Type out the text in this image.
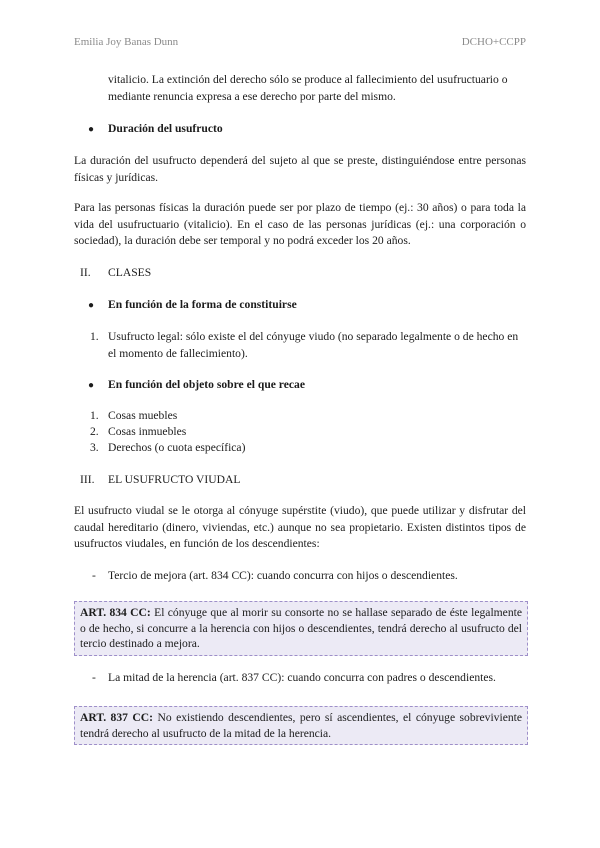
Emilia Joy Banas Dunn	DCHO+CCPP

vitalicio. La extinción del derecho sólo se produce al fallecimiento del usufructuario o mediante renuncia expresa a ese derecho por parte del mismo.

● Duración del usufructo

La duración del usufructo dependerá del sujeto al que se preste, distinguiéndose entre personas físicas y jurídicas.

Para las personas físicas la duración puede ser por plazo de tiempo (ej.: 30 años) o para toda la vida del usufructuario (vitalicio). En el caso de las personas jurídicas (ej.: una corporación o sociedad), la duración debe ser temporal y no podrá exceder los 20 años.

II. CLASES
● En función de la forma de constituirse
1. Usufructo legal: sólo existe el del cónyuge viudo (no separado legalmente o de hecho en el momento de fallecimiento).
● En función del objeto sobre el que recae
1. Cosas muebles
2. Cosas inmuebles
3. Derechos (o cuota específica)
III. EL USUFRUCTO VIUDAL

El usufructo viudal se le otorga al cónyuge supérstite (viudo), que puede utilizar y disfrutar del caudal hereditario (dinero, viviendas, etc.) aunque no sea propietario. Existen distintos tipos de usufructos viudales, en función de los descendientes:

- Tercio de mejora (art. 834 CC): cuando concurra con hijos o descendientes.
ART. 834 CC: El cónyuge que al morir su consorte no se hallase separado de éste legalmente o de hecho, si concurre a la herencia con hijos o descendientes, tendrá derecho al usufructo del tercio destinado a mejora.
- La mitad de la herencia (art. 837 CC): cuando concurra con padres o descendientes.
ART. 837 CC: No existiendo descendientes, pero sí ascendientes, el cónyuge sobreviviente tendrá derecho al usufructo de la mitad de la herencia.
